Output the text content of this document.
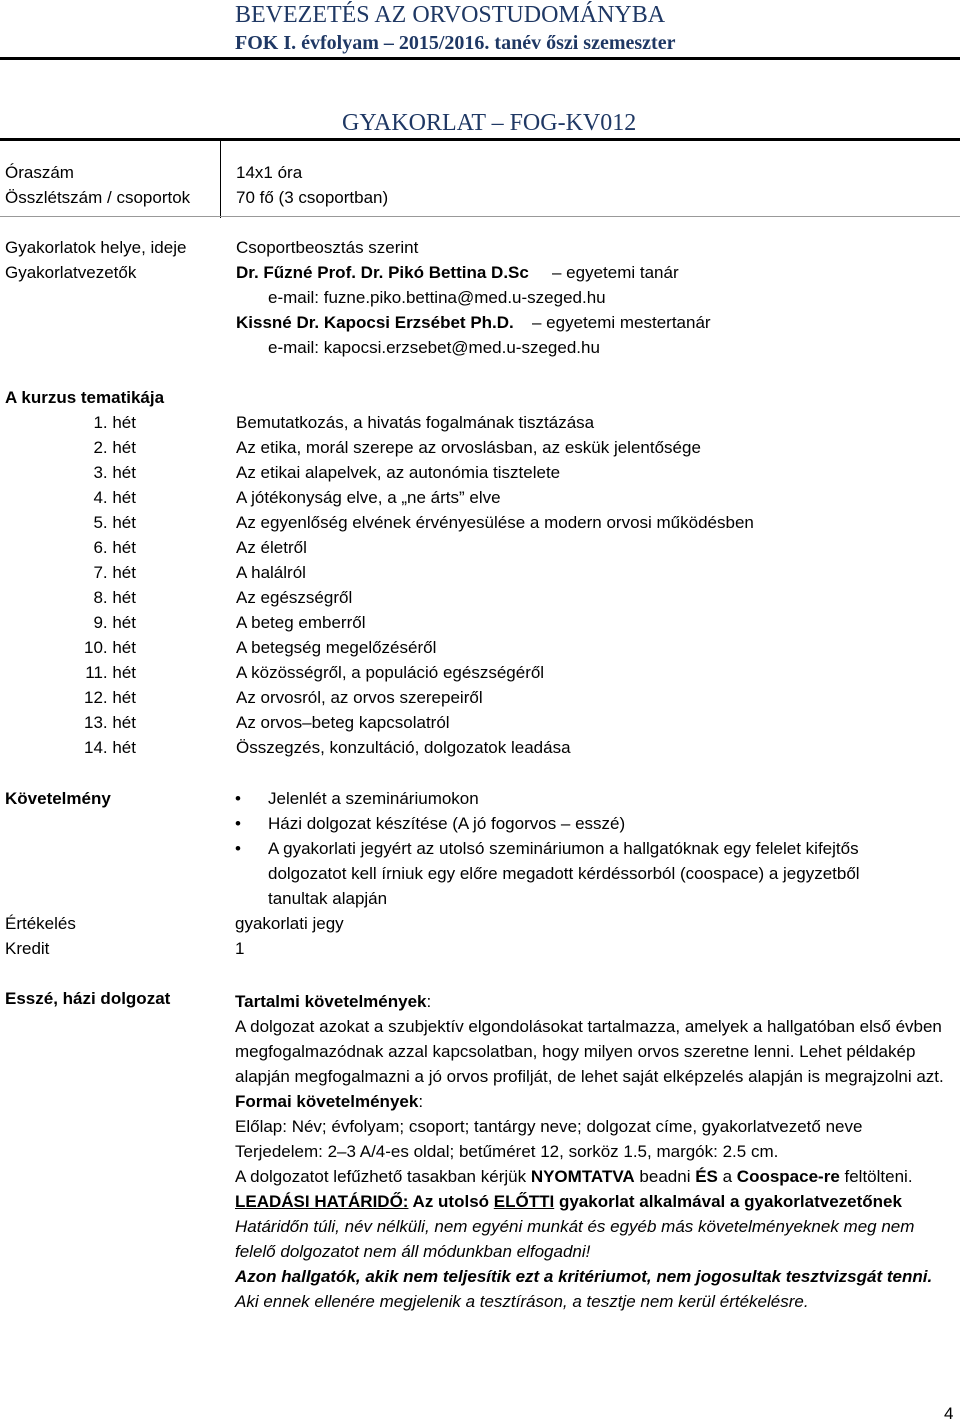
BEVEZETÉS AZ ORVOSTUDOMÁNYBA
FOK I. évfolyam – 2015/2016. tanév őszi szemeszter
GYAKORLAT – FOG-KV012
Óraszám	14x1 óra
Összlétszám / csoportok	70 fő (3 csoportban)
Gyakorlatok helye, ideje	Csoportbeosztás szerint
Gyakorlatvezetők	Dr. Fűzné Prof. Dr. Pikó Bettina D.Sc – egyetemi tanár
e-mail: fuzne.piko.bettina@med.u-szeged.hu
Kissné Dr. Kapocsi Erzsébet Ph.D. – egyetemi mestertanár
e-mail: kapocsi.erzsebet@med.u-szeged.hu
A kurzus tematikája
1. hét	Bemutatkozás, a hivatás fogalmának tisztázása
2. hét	Az etika, morál szerepe az orvoslásban, az eskük jelentősége
3. hét	Az etikai alapelvek, az autonómia tisztelete
4. hét	A jótékonyság elve, a „ne árts” elve
5. hét	Az egyenlőség elvének érvényesülése a modern orvosi működésben
6. hét	Az életről
7. hét	A halálról
8. hét	Az egészségről
9. hét	A beteg emberről
10. hét	A betegség megelőzéséről
11. hét	A közösségről, a populáció egészségéről
12. hét	Az orvosról, az orvos szerepeiről
13. hét	Az orvos–beteg kapcsolatról
14. hét	Összegzés, konzultáció, dolgozatok leadása
Követelmény	• Jelenlét a szemináriumokon
• Házi dolgozat készítése (A jó fogorvos – esszé)
• A gyakorlati jegyért az utolsó szemináriumon a hallgatóknak egy felelet kifejtős
dolgozatot kell írniuk egy előre megadott kérdéssorból (coospace) a jegyzetből
tanultak alapján
Értékelés	gyakorlati jegy
Kredit	1
Esszé, házi dolgozat	Tartalmi követelmények:

A dolgozat azokat a szubjektív elgondolásokat tartalmazza, amelyek a hallgatóban első évben megfogalmazódnak azzal kapcsolatban, hogy milyen orvos szeretne lenni. Lehet példakép alapján megfogalmazni a jó orvos profilját, de lehet saját elképzelés alapján is megrajzolni azt.

Formai követelmények:

Előlap: Név; évfolyam; csoport; tantárgy neve; dolgozat címe, gyakorlatvezető neve

Terjedelem: 2–3 A/4-es oldal; betűméret 12, sorköz 1.5, margók: 2.5 cm.

A dolgozatot lefűzhető tasakban kérjük NYOMTATVA beadni ÉS a Coospace-re feltölteni.

LEADÁSI HATÁRIDŐ: Az utolsó ELŐTTI gyakorlat alkalmával a gyakorlatvezetőnek

Határidőn túli, név nélküli, nem egyéni munkát és egyéb más követelményeknek meg nem felelő dolgozatot nem áll módunkban elfogadni!

Azon hallgatók, akik nem teljesítik ezt a kritériumot, nem jogosultak tesztvizsgát tenni. Aki ennek ellenére megjelenik a tesztíráson, a tesztje nem kerül értékelésre.

4
